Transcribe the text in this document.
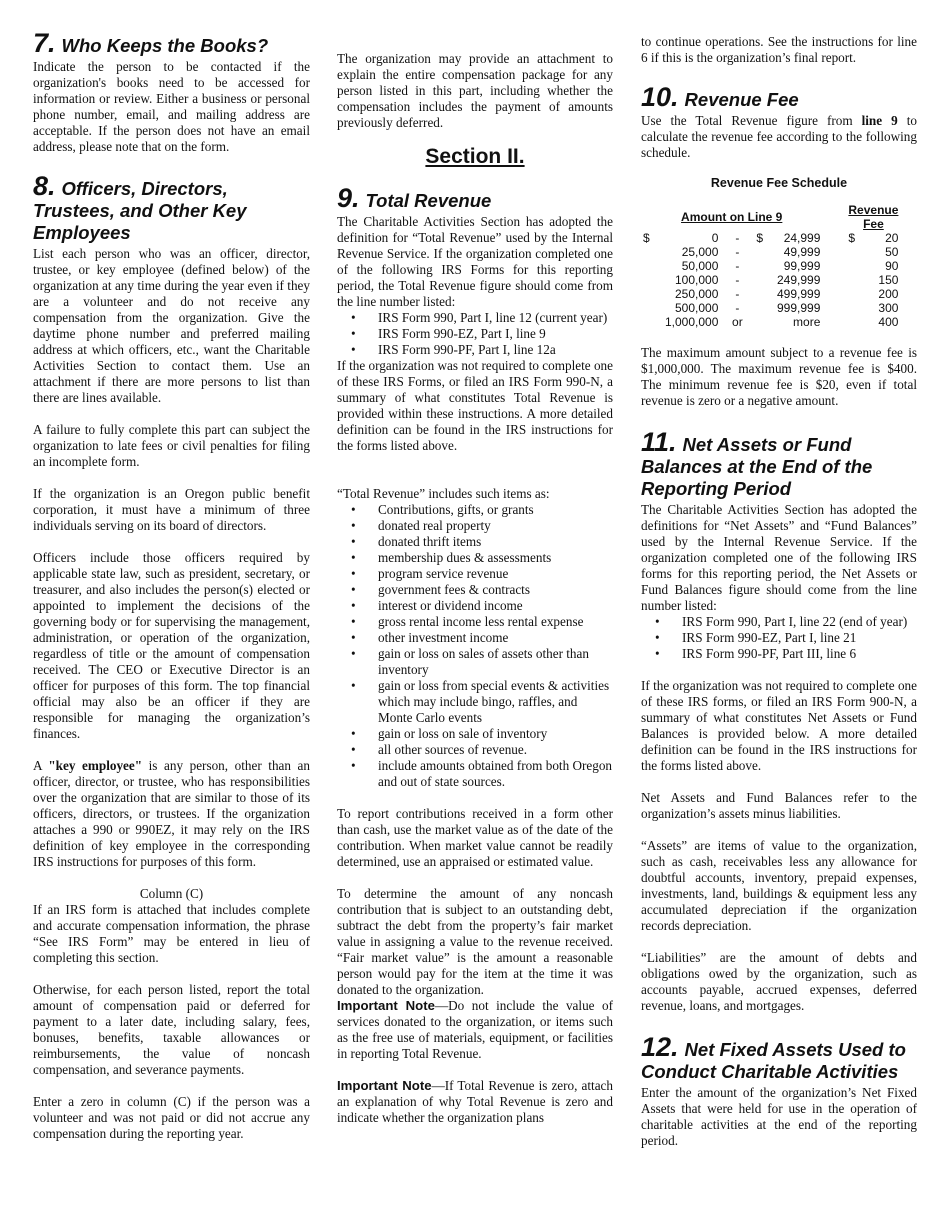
7. Who Keeps the Books?

Indicate the person to be contacted if the organization's books need to be accessed for information or review. Either a business or personal phone number, email, and mailing address are acceptable. If the person does not have an email address, please note that on the form.

8. Officers, Directors, Trustees, and Other Key Employees

List each person who was an officer, director, trustee, or key employee (defined below) of the organization at any time during the year even if they are a volunteer and do not receive any compensation from the organization. Give the daytime phone number and preferred mailing address at which officers, etc., want the Charitable Activities Section to contact them. Use an attachment if there are more persons to list than there are lines available.

A failure to fully complete this part can subject the organization to late fees or civil penalties for filing an incomplete form.

If the organization is an Oregon public benefit corporation, it must have a minimum of three individuals serving on its board of directors.

Officers include those officers required by applicable state law, such as president, secretary, or treasurer, and also includes the person(s) elected or appointed to implement the decisions of the governing body or for supervising the management, administration, or operation of the organization, regardless of title or the amount of compensation received. The CEO or Executive Director is an officer for purposes of this form. The top financial official may also be an officer if they are responsible for managing the organization’s finances.

A "key employee" is any person, other than an officer, director, or trustee, who has responsibilities over the organization that are similar to those of its officers, directors, or trustees. If the organization attaches a 990 or 990EZ, it may rely on the IRS definition of key employee in the corresponding IRS instructions for purposes of this form.

Column (C)

If an IRS form is attached that includes complete and accurate compensation information, the phrase “See IRS Form” may be entered in lieu of completing this section.

Otherwise, for each person listed, report the total amount of compensation paid or deferred for payment to a later date, including salary, fees, bonuses, benefits, taxable allowances or reimbursements, the value of noncash compensation, and severance payments.

Enter a zero in column (C) if the person was a volunteer and was not paid or did not accrue any compensation during the reporting year.

The organization may provide an attachment to explain the entire compensation package for any person listed in this part, including whether the compensation includes the payment of amounts previously deferred.

Section II.
9. Total Revenue

The Charitable Activities Section has adopted the definition for “Total Revenue” used by the Internal Revenue Service. If the organization completed one of the following IRS Forms for this reporting period, the Total Revenue figure should come from the line number listed:

• IRS Form 990, Part I, line 12 (current year)
• IRS Form 990-EZ, Part I, line 9
• IRS Form 990-PF, Part I, line 12a

If the organization was not required to complete one of these IRS Forms, or filed an IRS Form 990-N, a summary of what constitutes Total Revenue is provided within these instructions. A more detailed definition can be found in the IRS instructions for the forms listed above.

“Total Revenue” includes such items as:

• Contributions, gifts, or grants
• donated real property
• donated thrift items
• membership dues & assessments
• program service revenue
• government fees & contracts
• interest or dividend income
• gross rental income less rental expense
• other investment income
• gain or loss on sales of assets other than inventory
• gain or loss from special events & activities which may include bingo, raffles, and Monte Carlo events
• gain or loss on sale of inventory
• all other sources of revenue.
• include amounts obtained from both Oregon and out of state sources.

To report contributions received in a form other than cash, use the market value as of the date of the contribution. When market value cannot be readily determined, use an appraised or estimated value.

To determine the amount of any noncash contribution that is subject to an outstanding debt, subtract the debt from the property’s fair market value in assigning a value to the revenue received. “Fair market value” is the amount a reasonable person would pay for the item at the time it was donated to the organization.

Important Note—Do not include the value of services donated to the organization, or items such as the free use of materials, equipment, or facilities in reporting Total Revenue.

Important Note—If Total Revenue is zero, attach an explanation of why Total Revenue is zero and indicate whether the organization plans

to continue operations. See the instructions for line 6 if this is the organization’s final report.

10. Revenue Fee

Use the Total Revenue figure from line 9 to calculate the revenue fee according to the following schedule.

Revenue Fee Schedule
Amount on Line 9						Revenue Fee	
$	0	-	$	24,999		$	20
	25,000	-		49,999			50
	50,000	-		99,999			90
	100,000	-		249,999			150
	250,000	-		499,999			200
	500,000	-		999,999			300
	1,000,000	or		more			400

The maximum amount subject to a revenue fee is $1,000,000. The maximum revenue fee is $400. The minimum revenue fee is $20, even if total revenue is zero or a negative amount.

11. Net Assets or Fund Balances at the End of the Reporting Period

The Charitable Activities Section has adopted the definitions for “Net Assets” and “Fund Balances” used by the Internal Revenue Service. If the organization completed one of the following IRS forms for this reporting period, the Net Assets or Fund Balances figure should come from the line number listed:

• IRS Form 990, Part I, line 22 (end of year)
• IRS Form 990-EZ, Part I, line 21
• IRS Form 990-PF, Part III, line 6

If the organization was not required to complete one of these IRS forms, or filed an IRS Form 900-N, a summary of what constitutes Net Assets or Fund Balances is provided below. A more detailed definition can be found in the IRS instructions for the forms listed above.

Net Assets and Fund Balances refer to the organization’s assets minus liabilities.

“Assets” are items of value to the organization, such as cash, receivables less any allowance for doubtful accounts, inventory, prepaid expenses, investments, land, buildings & equipment less any accumulated depreciation if the organization records depreciation.

“Liabilities” are the amount of debts and obligations owed by the organization, such as accounts payable, accrued expenses, deferred revenue, loans, and mortgages.

12. Net Fixed Assets Used to Conduct Charitable Activities

Enter the amount of the organization’s Net Fixed Assets that were held for use in the operation of charitable activities at the end of the reporting period.
